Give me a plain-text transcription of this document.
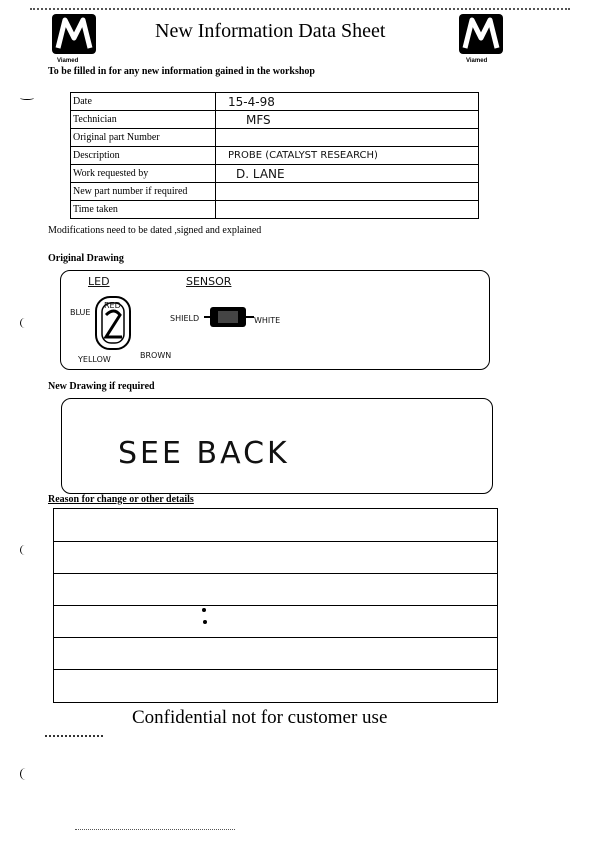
Viamed	Viamed
New Information Data Sheet
To be filled in for any new information gained in the workshop
Date	15-4-98
Technician	MFS
Original part Number	
Description	PROBE (CATALYST RESEARCH)
Work requested by	D. LANE
New part number if required	
Time taken	
Modifications need to be dated ,signed and explained
Original Drawing
LED	SENSOR
BLUE
RED
YELLOW	BROWN
SHIELD	WHITE
New Drawing if required
SEE BACK
Reason for change or other details
Confidential not for customer use
